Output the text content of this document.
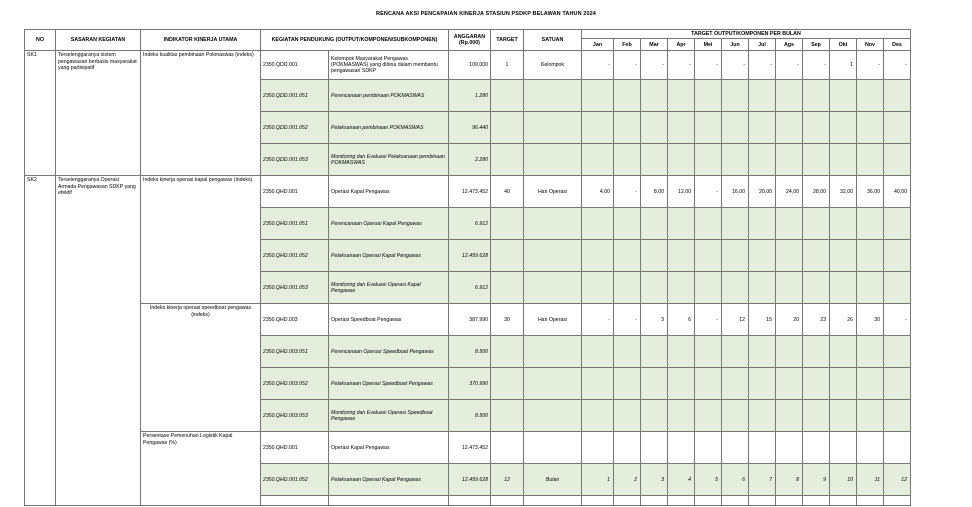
RENCANA AKSI PENCAPAIAN KINERJA STASIUN PSDKP BELAWAN TAHUN 2024
NO	SASARAN KEGIATAN	INDIKATOR KINERJA UTAMA	KEGIATAN PENDUKUNG (OUTPUT/KOMPONEN/SUBKOMPONEN)		ANGGARAN (Rp.000)	TARGET	SATUAN	TARGET OUTPUT/KOMPONEN PER BULAN											
								Jan	Feb	Mar	Apr	Mei	Jun	Jul	Ags	Sep	Okt	Nov	Des
SK1	Terselenggaranya sistem pengawasan berbasis masyarakat yang partisipatif	Indeks kualitas pembinaan Pokmaswas (indeks)	2350.QDD.001	Kelompok Masyarakat Pengawas (POKMASWAS) yang dibina dalam membantu pengawasan SDKP	100.000	1	Kelompok	-	-	-	-	-	-	-	-	-	1	-	-
			2350.QDD.001.051	Perencanaan pembinaan POKMASWAS	1.280														
			2350.QDD.001.052	Pelaksanaan pembinaan POKMASWAS	96.440														
			2350.QDD.001.053	Monitoring dan Evaluasi Pelaksanaan pembinaan POKMASWAS	2.280														
SK2	Terselenggaranya Operasi Armada Pengawasan SDKP yang efektif	Indeks kinerja operasi kapal pengawas (indeks)	2350.QHD.001	Operasi Kapal Pengawas	12.473.452	40	Hari Operasi	4,00	-	8,00	12,00	-	16,00	20,00	24,00	28,00	32,00	36,00	40,00
			2350.QHD.001.051	Perencanaan Operasi Kapal Pengawas	6.912														
			2350.QHD.001.052	Pelaksanaan Operasi Kapal Pengawas	12.459.628														
			2350.QHD.001.053	Monitoring dan Evaluasi Operasi Kapal Pengawas	6.912														
		Indeks kinerja operasi speedboat pengawas (indeks)	2350.QHD.003	Operasi Speedboat Pengawas	387.990	30	Hari Operasi	-	-	3	6	-	12	15	20	23	26	30	-
			2350.QHD.003.051	Perencanaan Operasi Speedboat Pengawas	8.500														
			2350.QHD.003.052	Pelaksanaan Operasi Speedboat Pengawas	370.990														
			2350.QHD.003.053	Monitoring dan Evaluasi Operasi Speedboat Pengawas	8.500														
		Persentase Pemenuhan Logistik Kapal Pengawas (%)	2350.QHD.001	Operasi Kapal Pengawas	12.473.452														
			2350.QHD.001.052	Pelaksanaan Operasi Kapal Pengawas	12.459.628	12	Bulan	1	2	3	4	5	6	7	8	9	10	11	12
